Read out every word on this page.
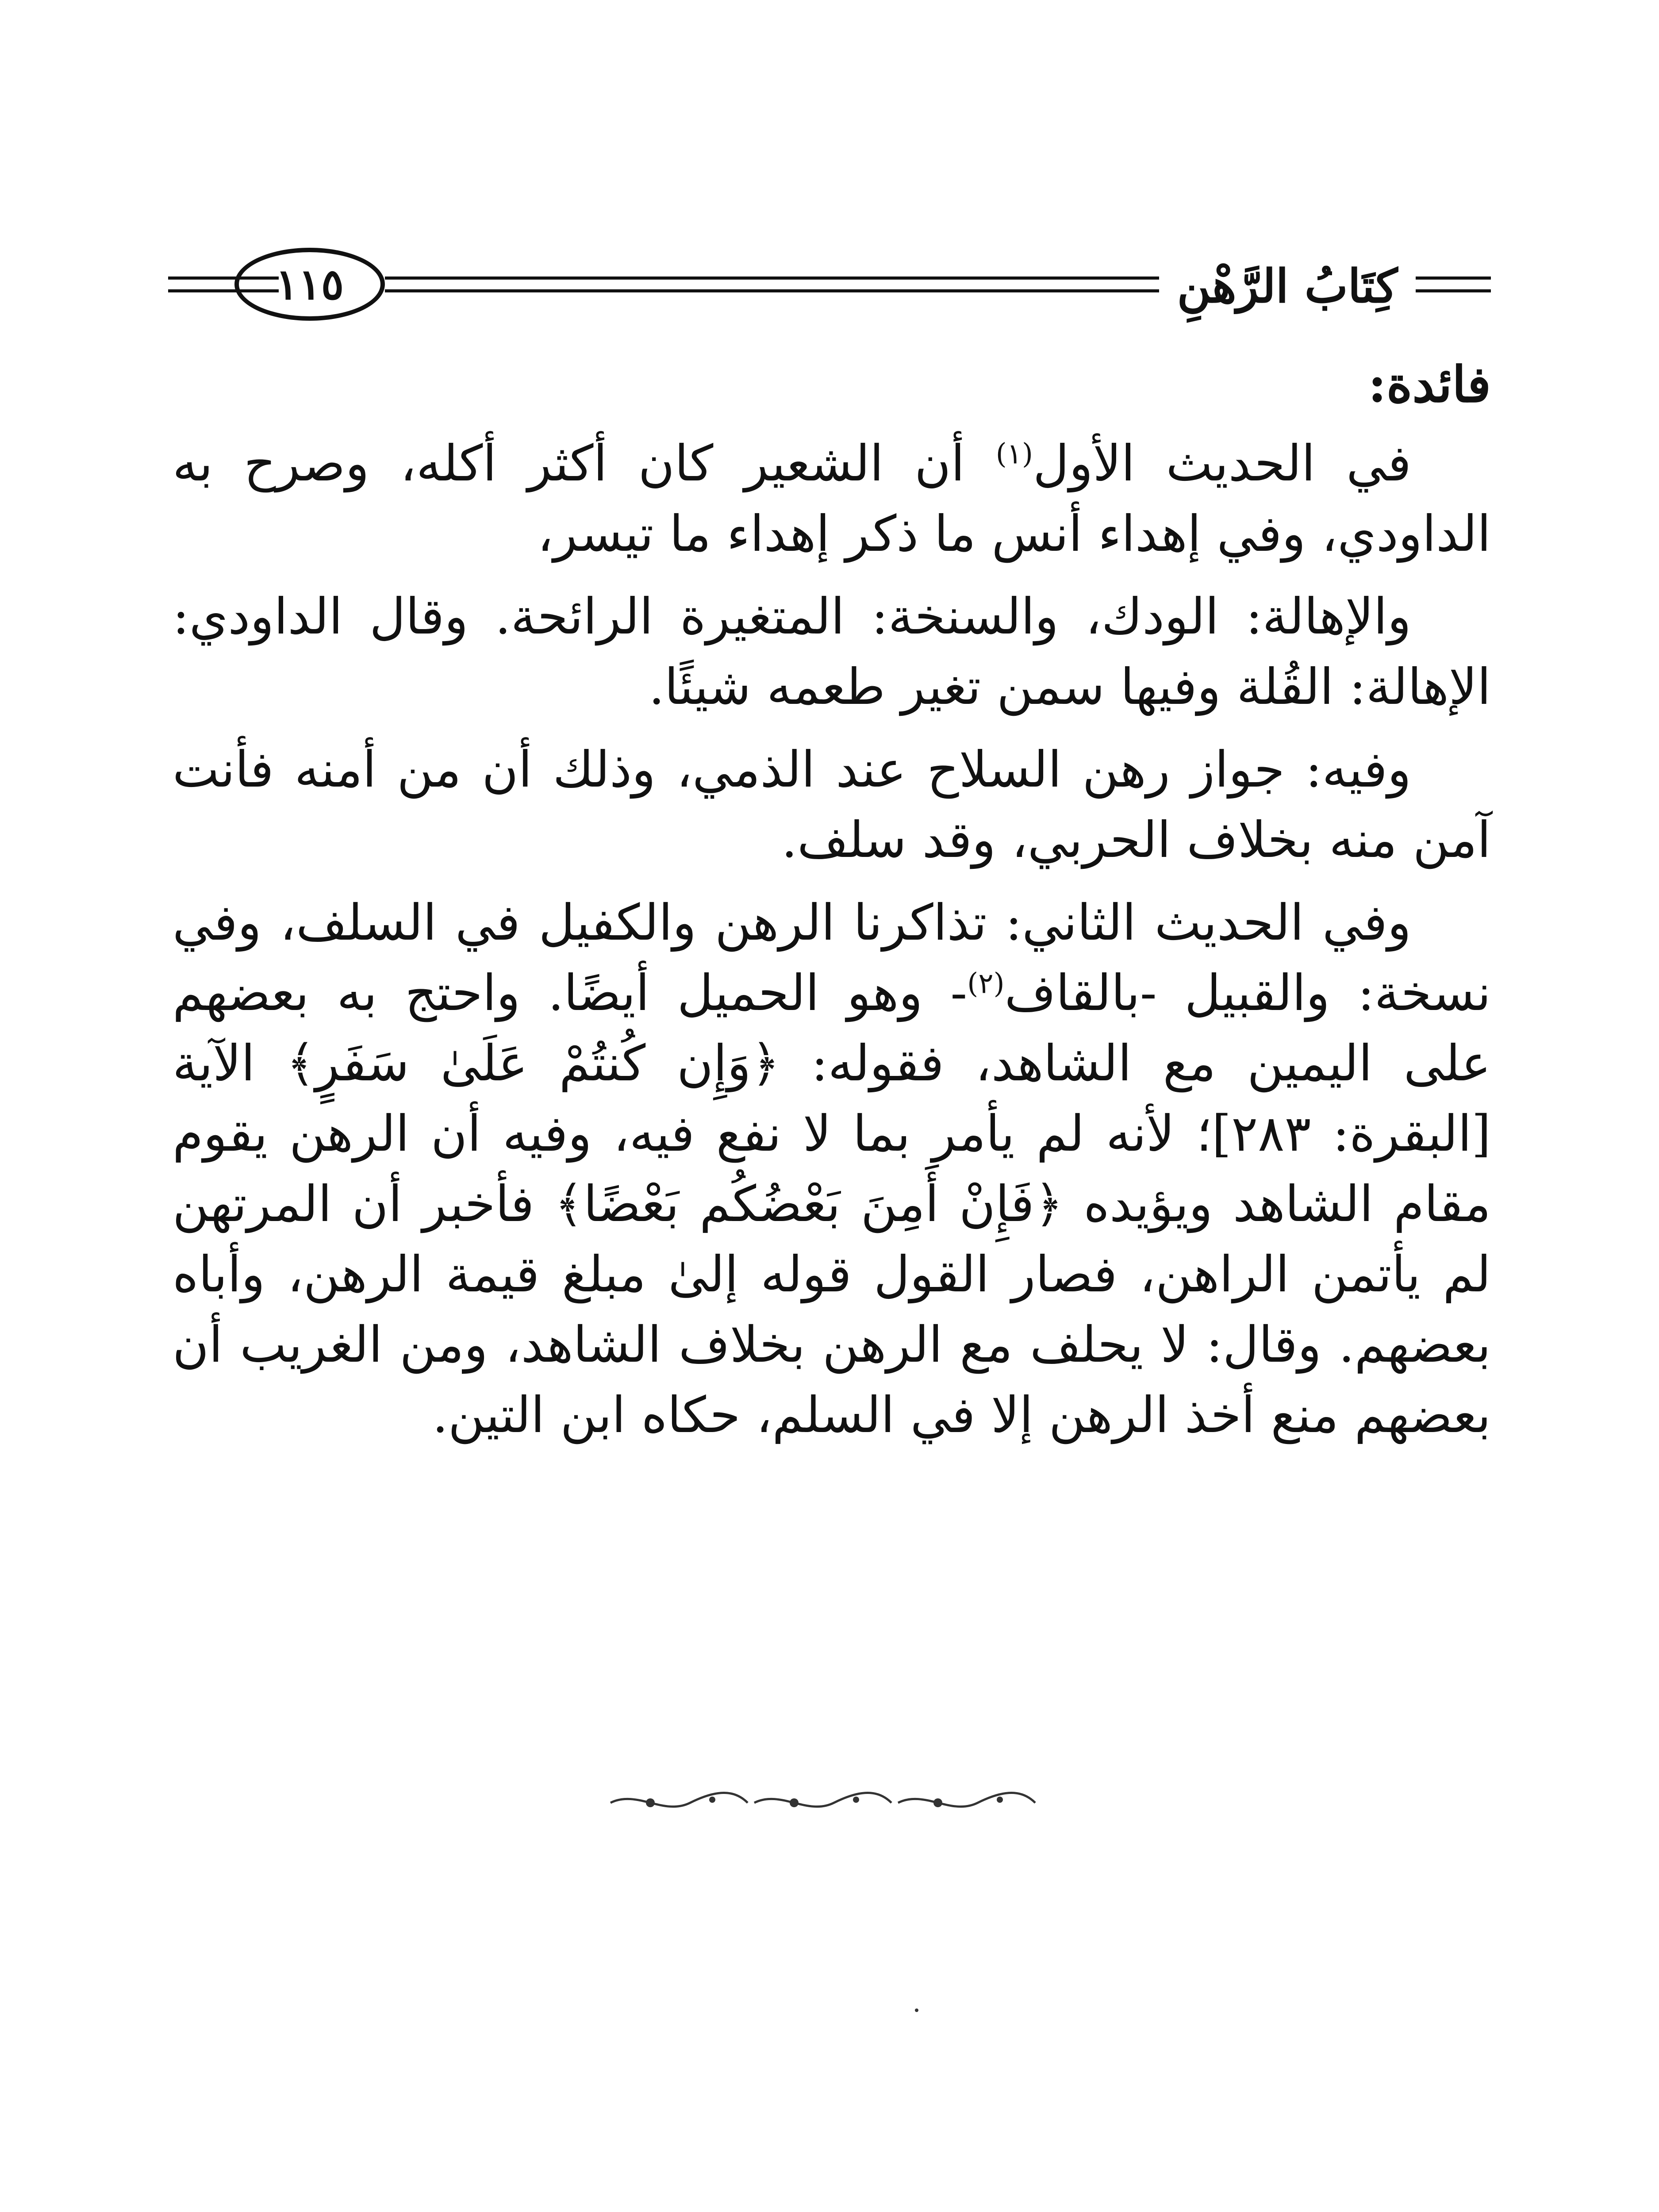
١١٥	كِتَابُ الرَّهْنِ
فائدة:

في الحديث الأول$^{(١)}$ أن الشعير كان أكثر أكله، وصرح به الداودي، وفي إهداء أنس ما ذكر إهداء ما تيسر،

والإهالة: الودك، والسنخة: المتغيرة الرائحة. وقال الداودي: الإهالة: القُلة وفيها سمن تغير طعمه شيئًا.

وفيه: جواز رهن السلاح عند الذمي، وذلك أن من أمنه فأنت آمن منه بخلاف الحربي، وقد سلف.

وفي الحديث الثاني: تذاكرنا الرهن والكفيل في السلف، وفي نسخة: والقبيل -بالقاف$^{(٢)}$- وهو الحميل أيضًا. واحتج به بعضهم على اليمين مع الشاهد، فقوله: ﴿وَإِن كُنتُمْ عَلَىٰ سَفَرٍ﴾ الآية [البقرة: ٢٨٣]؛ لأنه لم يأمر بما لا نفع فيه، وفيه أن الرهن يقوم مقام الشاهد ويؤيده ﴿فَإِنْ أَمِنَ بَعْضُكُم بَعْضًا﴾ فأخبر أن المرتهن لم يأتمن الراهن، فصار القول قوله إلىٰ مبلغ قيمة الرهن، وأباه بعضهم. وقال: لا يحلف مع الرهن بخلاف الشاهد، ومن الغريب أن بعضهم منع أخذ الرهن إلا في السلم، حكاه ابن التين.
